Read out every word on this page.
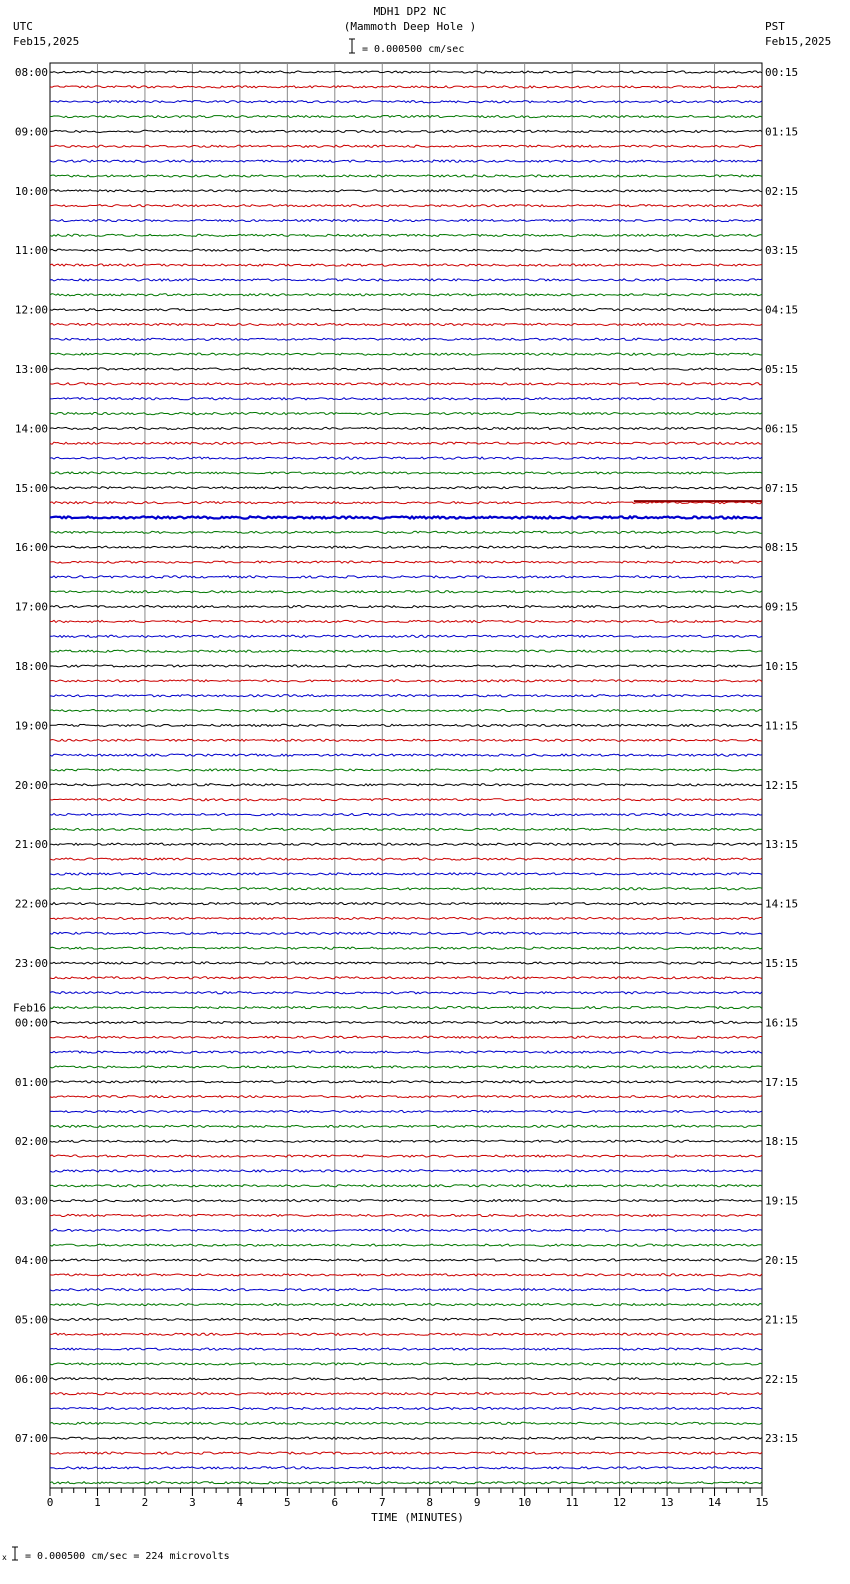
08:00
09:00
10:00
11:00
12:00
13:00
14:00
15:00
16:00
17:00
18:00
19:00
20:00
21:00
22:00
23:00
00:00
01:00
02:00
03:00
04:00
05:00
06:00
07:00
00:15
01:15
02:15
03:15
04:15
05:15
06:15
07:15
08:15
09:15
10:15
11:15
12:15
13:15
14:15
15:15
16:15
17:15
18:15
19:15
20:15
21:15
22:15
23:15
Feb16
0	1	2	3	4	5	6	7	8	9	10	11	12	13	14	15
x
UTC
Feb15,2025
PST
Feb15,2025
MDH1 DP2 NC
(Mammoth Deep Hole )
= 0.000500 cm/sec
TIME (MINUTES)
= 0.000500 cm/sec = 224 microvolts
